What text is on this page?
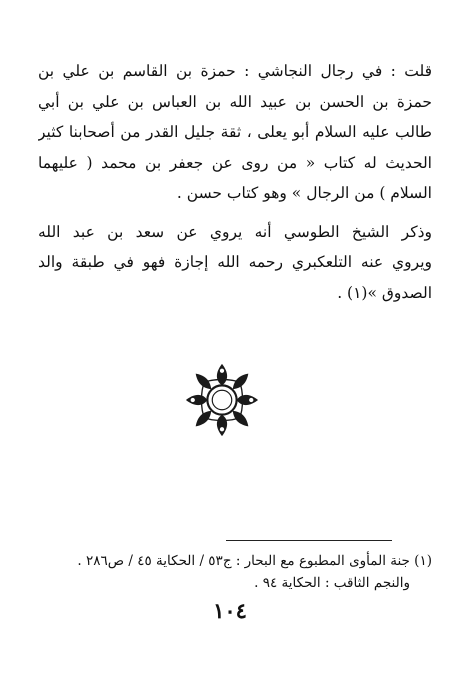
قلت : في رجال النجاشي : حمزة بن القاسم بن علي بن
حمزة بن الحسن بن عبيد الله بن العباس بن علي بن أبي
طالب عليه السلام أبو يعلى ، ثقة جليل القدر من أصحابنا كثير
الحديث له كتاب « من روى عن جعفر بن محمد ( عليهما
السلام ) من الرجال » وهو كتاب حسن .
وذكر الشيخ الطوسي أنه يروي عن سعد بن عبد الله
ويروي عنه التلعكبري رحمه الله إجازة فهو في طبقة والد
الصدوق »(١) .
(١) جنة المأوى المطبوع مع البحار : ج٥٣ / الحكاية ٤٥ / ص٢٨٦ .
والنجم الثاقب : الحكاية ٩٤ .
١٠٤
